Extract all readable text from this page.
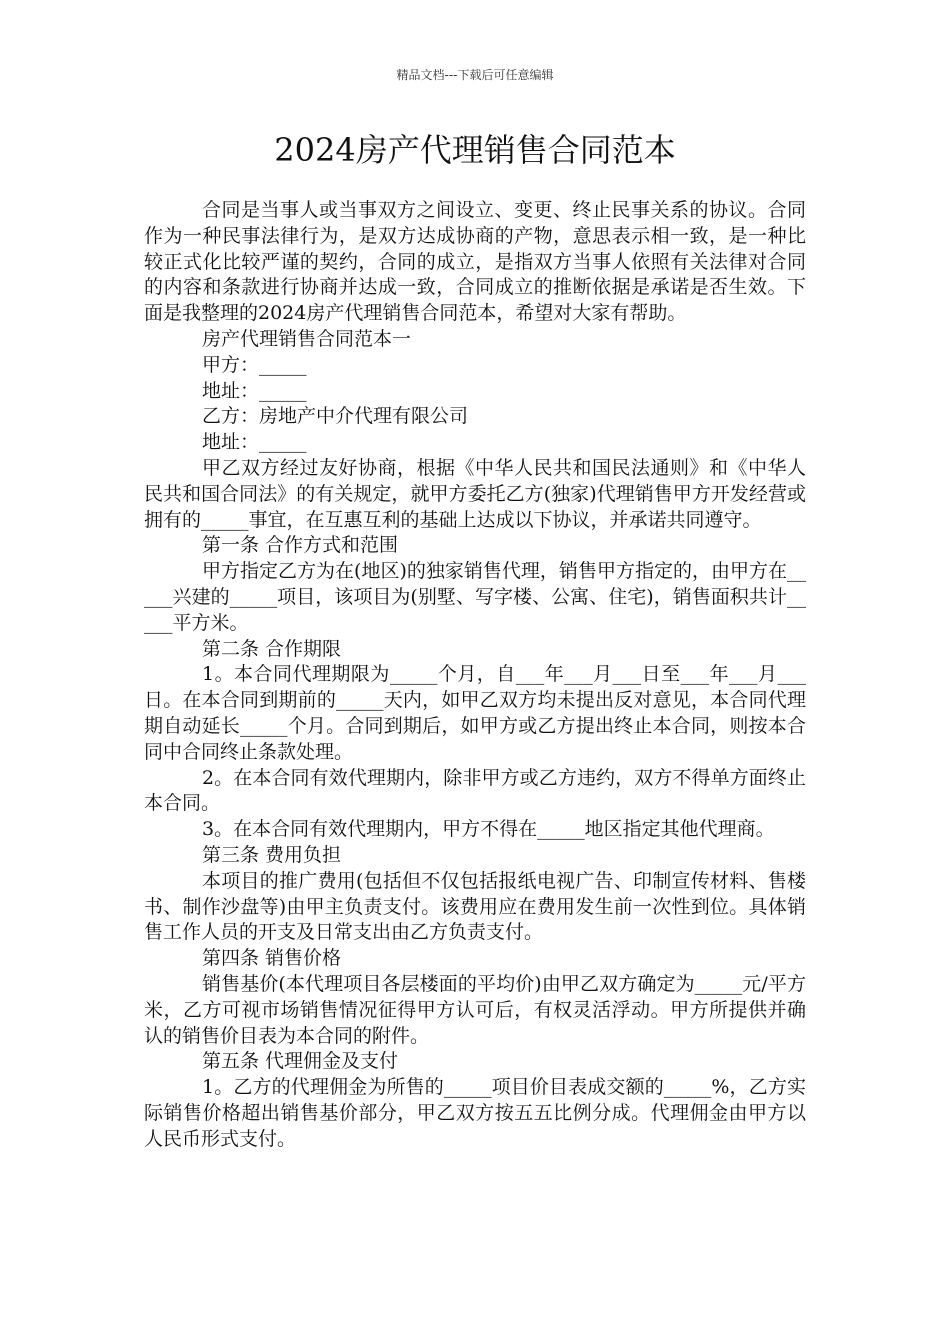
精品文档---下载后可任意编辑
2024房产代理销售合同范本

合同是当事人或当事双方之间设立、变更、终止民事关系的协议。合同作为一种民事法律行为，是双方达成协商的产物，意思表示相一致，是一种比较正式化比较严谨的契约，合同的成立，是指双方当事人依照有关法律对合同的内容和条款进行协商并达成一致，合同成立的推断依据是承诺是否生效。下面是我整理的2024房产代理销售合同范本，希望对大家有帮助。

房产代理销售合同范本一

甲方：_____

地址：_____

乙方：房地产中介代理有限公司

地址：_____

甲乙双方经过友好协商，根据《中华人民共和国民法通则》和《中华人民共和国合同法》的有关规定，就甲方委托乙方(独家)代理销售甲方开发经营或拥有的_____事宜，在互惠互利的基础上达成以下协议，并承诺共同遵守。

第一条 合作方式和范围

甲方指定乙方为在(地区)的独家销售代理，销售甲方指定的，由甲方在_____兴建的_____项目，该项目为(别墅、写字楼、公寓、住宅)，销售面积共计_____平方米。

第二条 合作期限

1。本合同代理期限为_____个月，自___年___月___日至___年___月___日。在本合同到期前的_____天内，如甲乙双方均未提出反对意见，本合同代理期自动延长_____个月。合同到期后，如甲方或乙方提出终止本合同，则按本合同中合同终止条款处理。

2。在本合同有效代理期内，除非甲方或乙方违约，双方不得单方面终止本合同。

3。在本合同有效代理期内，甲方不得在_____地区指定其他代理商。

第三条 费用负担

本项目的推广费用(包括但不仅包括报纸电视广告、印制宣传材料、售楼书、制作沙盘等)由甲主负责支付。该费用应在费用发生前一次性到位。具体销售工作人员的开支及日常支出由乙方负责支付。

第四条 销售价格

销售基价(本代理项目各层楼面的平均价)由甲乙双方确定为_____元/平方米，乙方可视市场销售情况征得甲方认可后，有权灵活浮动。甲方所提供并确认的销售价目表为本合同的附件。

第五条 代理佣金及支付

1。乙方的代理佣金为所售的_____项目价目表成交额的_____%，乙方实际销售价格超出销售基价部分，甲乙双方按五五比例分成。代理佣金由甲方以人民币形式支付。
